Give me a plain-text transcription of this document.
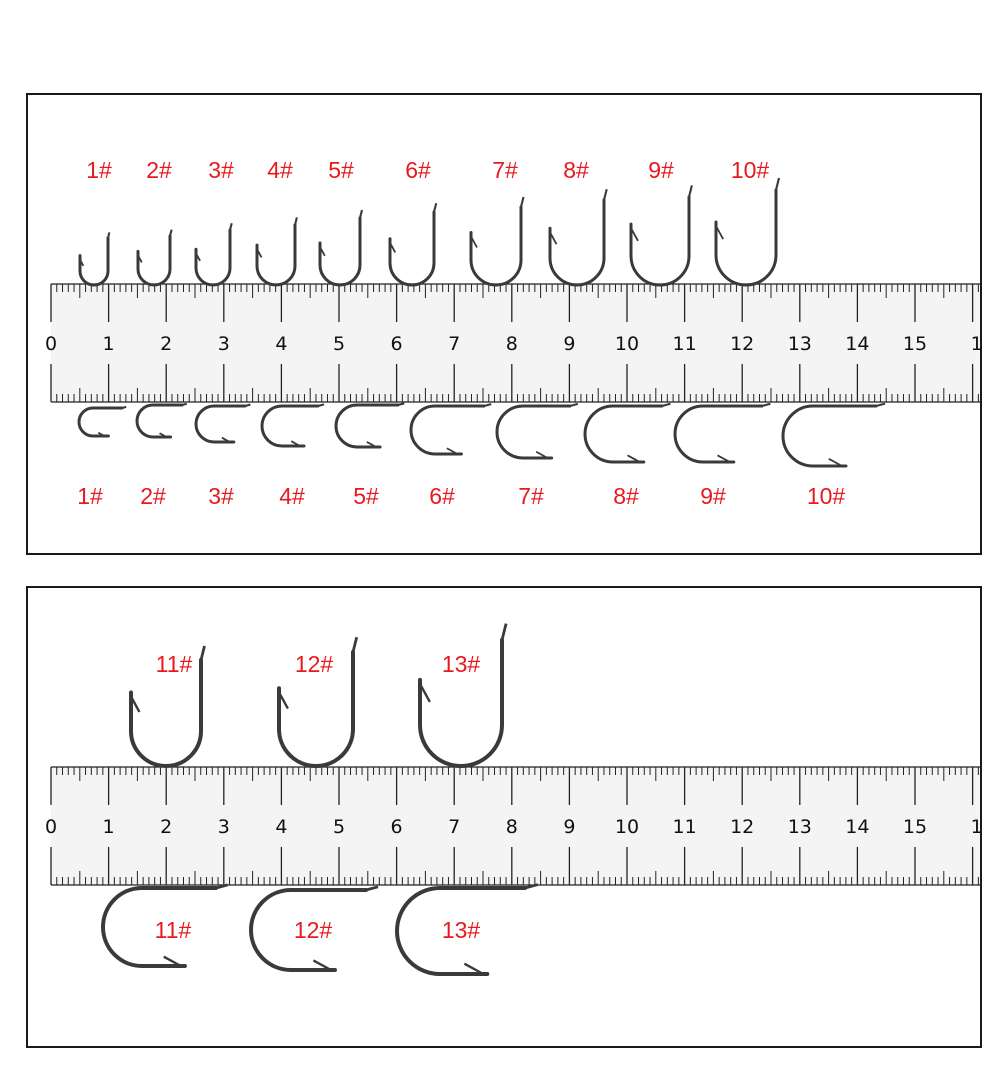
0 1 2 3 4 5 6 7 8 9 10 11 12 13 14 15 1
0 1 2 3 4 5 6 7 8 9 10 11 12 13 14 15 1
1# 2# 3# 4# 5# 6#	7# 8#	9# 10#
1# 2# 3# 4# 5# 6#	7#	8#	9#	10#
11#	12#	13#
11#	12#	13#
